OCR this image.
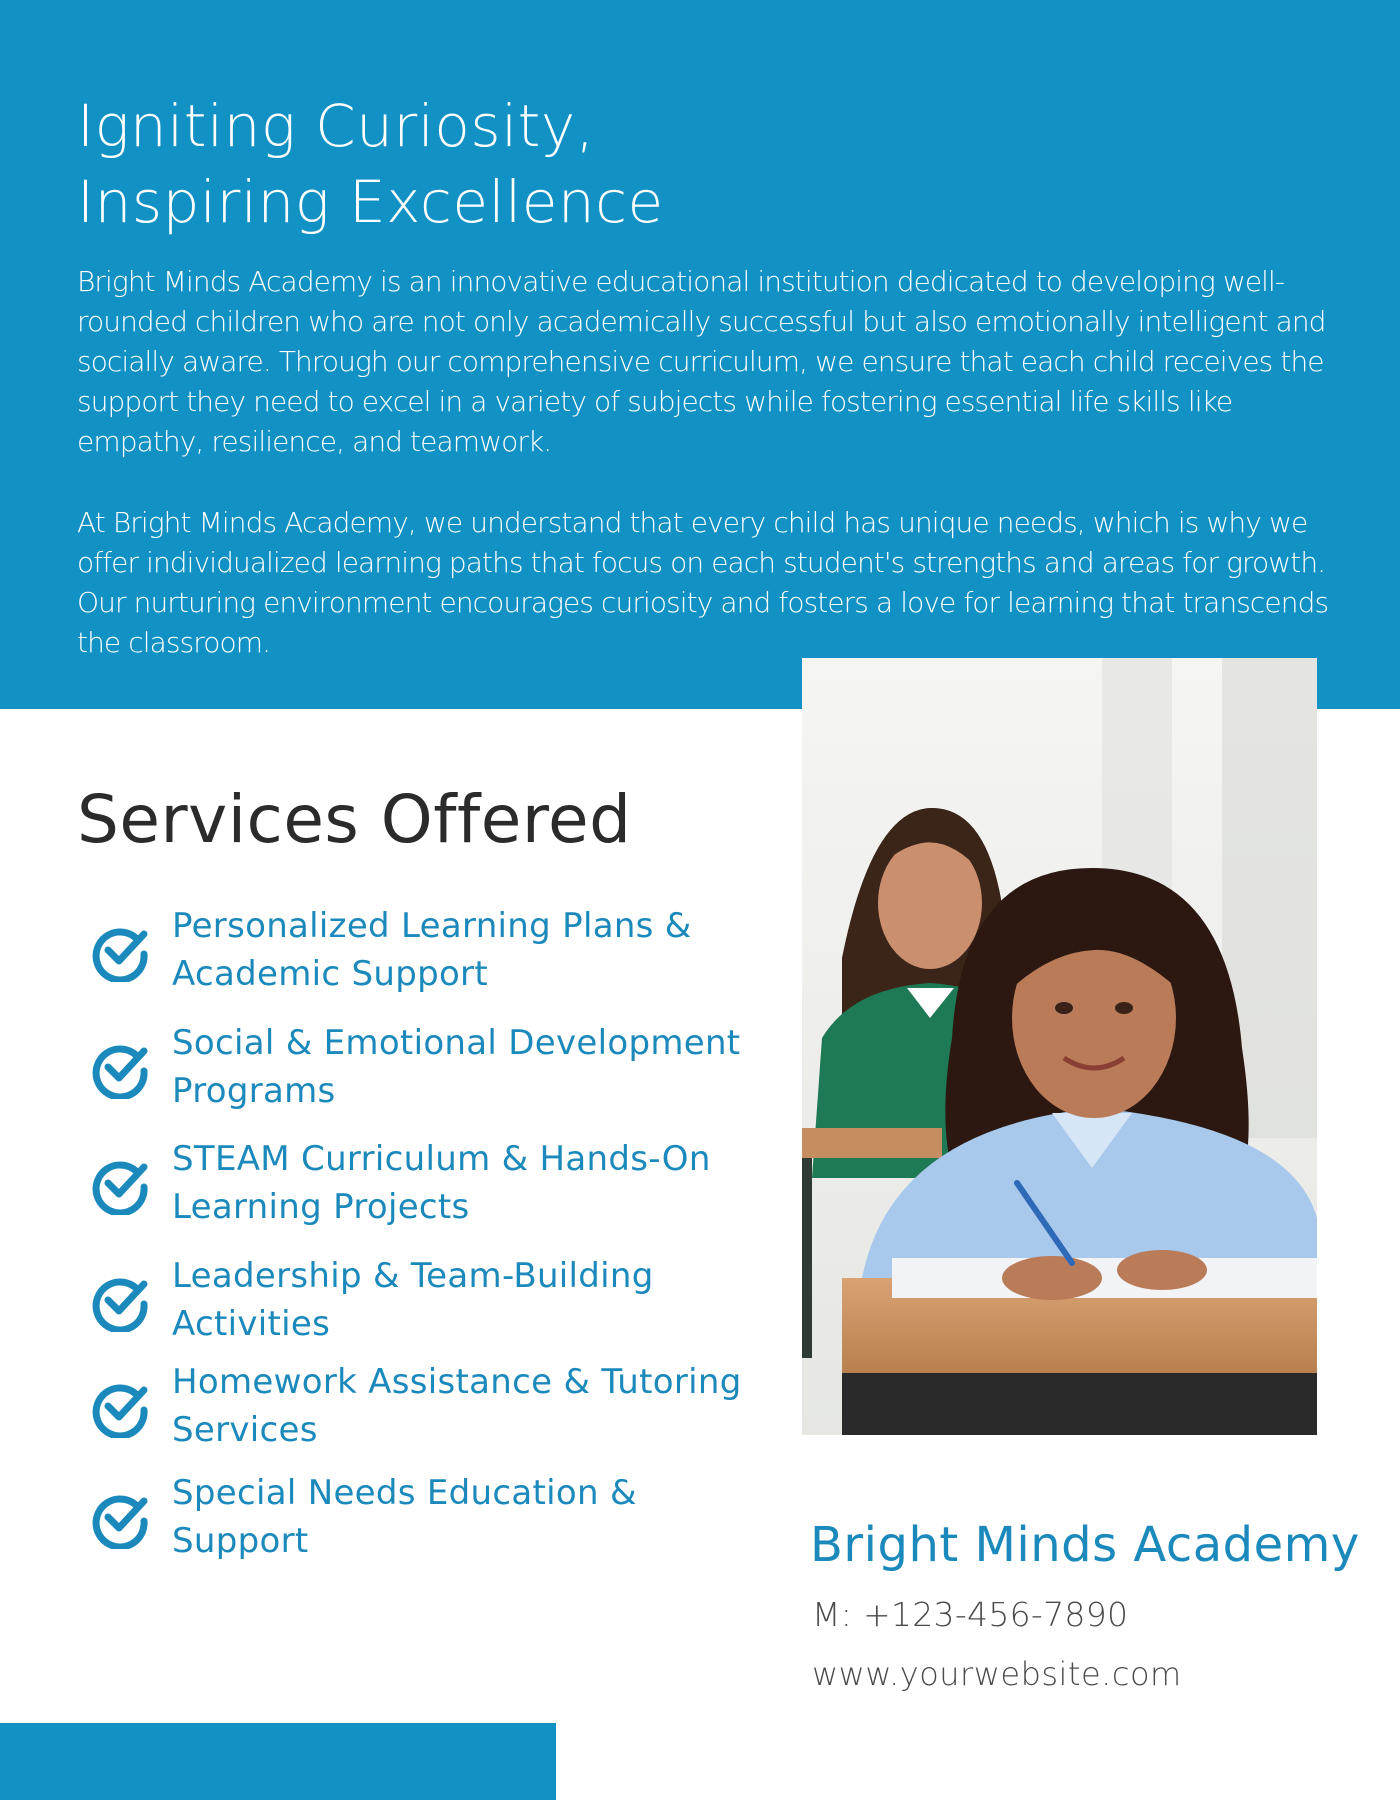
Igniting Curiosity,
Inspiring Excellence

Bright Minds Academy is an innovative educational institution dedicated to developing well-rounded children who are not only academically successful but also emotionally intelligent and socially aware. Through our comprehensive curriculum, we ensure that each child receives the support they need to excel in a variety of subjects while fostering essential life skills like empathy, resilience, and teamwork.

At Bright Minds Academy, we understand that every child has unique needs, which is why we offer individualized learning paths that focus on each student's strengths and areas for growth. Our nurturing environment encourages curiosity and fosters a love for learning that transcends the classroom.

Services Offered
Personalized Learning Plans & Academic Support
Social & Emotional Development Programs
STEAM Curriculum & Hands-On Learning Projects
Leadership & Team-Building Activities
Homework Assistance & Tutoring Services
Special Needs Education & Support	Bright Minds Academy
M: +123-456-7890
www.yourwebsite.com
